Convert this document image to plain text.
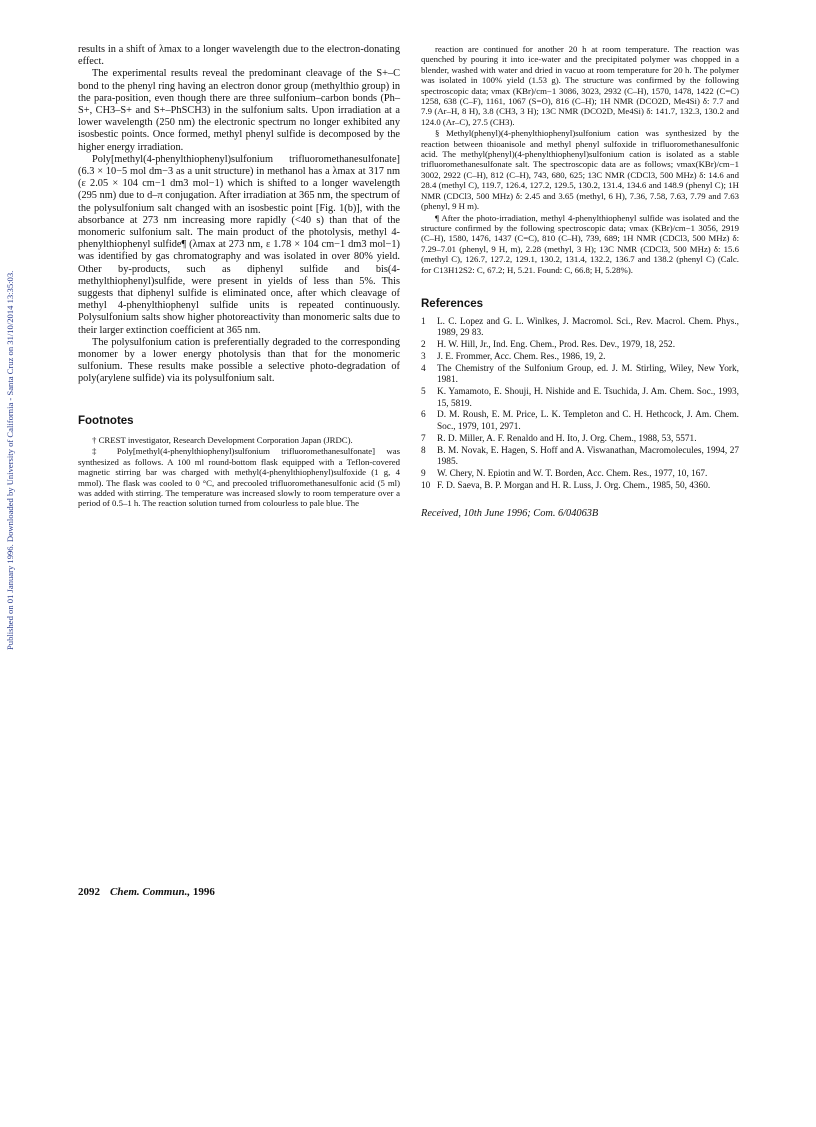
Published on 01 January 1996. Downloaded by University of California - Santa Cruz on 31/10/2014 13:35:03.

results in a shift of λmax to a longer wavelength due to the electron-donating effect.

The experimental results reveal the predominant cleavage of the S+–C bond to the phenyl ring having an electron donor group (methylthio group) in the para-position, even though there are three sulfonium–carbon bonds (Ph–S+, CH3–S+ and S+–PhSCH3) in the sulfonium salts. Upon irradiation at a lower wavelength (250 nm) the electronic spectrum no longer exhibited any isosbestic points. Once formed, methyl phenyl sulfide is decomposed by the higher energy irradiation.

Poly[methyl(4-phenylthiophenyl)sulfonium trifluoromethanesulfonate] (6.3 × 10−5 mol dm−3 as a unit structure) in methanol has a λmax at 317 nm (ε 2.05 × 104 cm−1 dm3 mol−1) which is shifted to a longer wavelength (295 nm) due to d–π conjugation. After irradiation at 365 nm, the spectrum of the polysulfonium salt changed with an isosbestic point [Fig. 1(b)], with the absorbance at 273 nm increasing more rapidly (<40 s) than that of the monomeric sulfonium salt. The main product of the photolysis, methyl 4-phenylthiophenyl sulfide¶ (λmax at 273 nm, ε 1.78 × 104 cm−1 dm3 mol−1) was identified by gas chromatography and was isolated in over 80% yield. Other by-products, such as diphenyl sulfide and bis(4-methylthiophenyl)sulfide, were present in yields of less than 5%. This suggests that diphenyl sulfide is eliminated once, after which cleavage of methyl 4-phenylthiophenyl sulfide units is repeated continuously. Polysulfonium salts show higher photoreactivity than monomeric salts due to their larger extinction coefficient at 365 nm.

The polysulfonium cation is preferentially degraded to the corresponding monomer by a lower energy photolysis than that for the monomeric sulfonium. These results make possible a selective photo-degradation of poly(arylene sulfide) via its polysulfonium salt.

Footnotes

† CREST investigator, Research Development Corporation Japan (JRDC).

‡ Poly[methyl(4-phenylthiophenyl)sulfonium trifluoromethanesulfonate] was synthesized as follows. A 100 ml round-bottom flask equipped with a Teflon-covered magnetic stirring bar was charged with methyl(4-phenylthiophenyl)sulfoxide (1 g, 4 mmol). The flask was cooled to 0 °C, and precooled trifluoromethanesulfonic acid (5 ml) was added with stirring. The temperature was increased slowly to room temperature over a period of 0.5–1 h. The reaction solution turned from colourless to pale blue. The

reaction are continued for another 20 h at room temperature. The reaction was quenched by pouring it into ice-water and the precipitated polymer was chopped in a blender, washed with water and dried in vacuo at room temperature for 20 h. The polymer was isolated in 100% yield (1.53 g). The structure was confirmed by the following spectroscopic data; νmax (KBr)/cm−1 3086, 3023, 2932 (C–H), 1570, 1478, 1422 (C=C) 1258, 638 (C–F), 1161, 1067 (S=O), 816 (C–H); 1H NMR (DCO2D, Me4Si) δ: 7.7 and 7.9 (Ar–H, 8 H), 3.8 (CH3, 3 H); 13C NMR (DCO2D, Me4Si) δ: 141.7, 132.3, 130.2 and 124.0 (Ar–C), 27.5 (CH3).

§ Methyl(phenyl)(4-phenylthiophenyl)sulfonium cation was synthesized by the reaction between thioanisole and methyl phenyl sulfoxide in trifluoromethanesulfonic acid. The methyl(phenyl)(4-phenylthiophenyl)sulfonium cation is isolated as a stable trifluoromethanesulfonate salt. The spectroscopic data are as follows; νmax(KBr)/cm−1 3002, 2922 (C–H), 812 (C–H), 743, 680, 625; 13C NMR (CDCl3, 500 MHz) δ: 14.6 and 28.4 (methyl C), 119.7, 126.4, 127.2, 129.5, 130.2, 131.4, 134.6 and 148.9 (phenyl C); 1H NMR (CDCl3, 500 MHz) δ: 2.45 and 3.65 (methyl, 6 H), 7.36, 7.58, 7.63, 7.79 and 7.63 (phenyl, 9 H m).

¶ After the photo-irradiation, methyl 4-phenylthiophenyl sulfide was isolated and the structure confirmed by the following spectroscopic data; νmax (KBr)/cm−1 3056, 2919 (C–H), 1580, 1476, 1437 (C=C), 810 (C–H), 739, 689; 1H NMR (CDCl3, 500 MHz) δ: 7.29–7.01 (phenyl, 9 H, m), 2.28 (methyl, 3 H); 13C NMR (CDCl3, 500 MHz) δ: 15.6 (methyl C), 126.7, 127.2, 129.1, 130.2, 131.4, 132.2, 136.7 and 138.2 (phenyl C) (Calc. for C13H12S2: C, 67.2; H, 5.21. Found: C, 66.8; H, 5.28%).

References
1	L. C. Lopez and G. L. Winlkes, J. Macromol. Sci., Rev. Macrol. Chem. Phys., 1989, 29 83.
2	H. W. Hill, Jr., Ind. Eng. Chem., Prod. Res. Dev., 1979, 18, 252.
3	J. E. Frommer, Acc. Chem. Res., 1986, 19, 2.
4	The Chemistry of the Sulfonium Group, ed. J. M. Stirling, Wiley, New York, 1981.
5	K. Yamamoto, E. Shouji, H. Nishide and E. Tsuchida, J. Am. Chem. Soc., 1993, 15, 5819.
6	D. M. Roush, E. M. Price, L. K. Templeton and C. H. Hethcock, J. Am. Chem. Soc., 1979, 101, 2971.
7	R. D. Miller, A. F. Renaldo and H. Ito, J. Org. Chem., 1988, 53, 5571.
8	B. M. Novak, E. Hagen, S. Hoff and A. Viswanathan, Macromolecules, 1994, 27 1985.
9	W. Chery, N. Epiotin and W. T. Borden, Acc. Chem. Res., 1977, 10, 167.
10 F. D. Saeva, B. P. Morgan and H. R. Luss, J. Org. Chem., 1985, 50, 4360.
Received, 10th June 1996; Com. 6/04063B
2092 Chem. Commun., 1996
